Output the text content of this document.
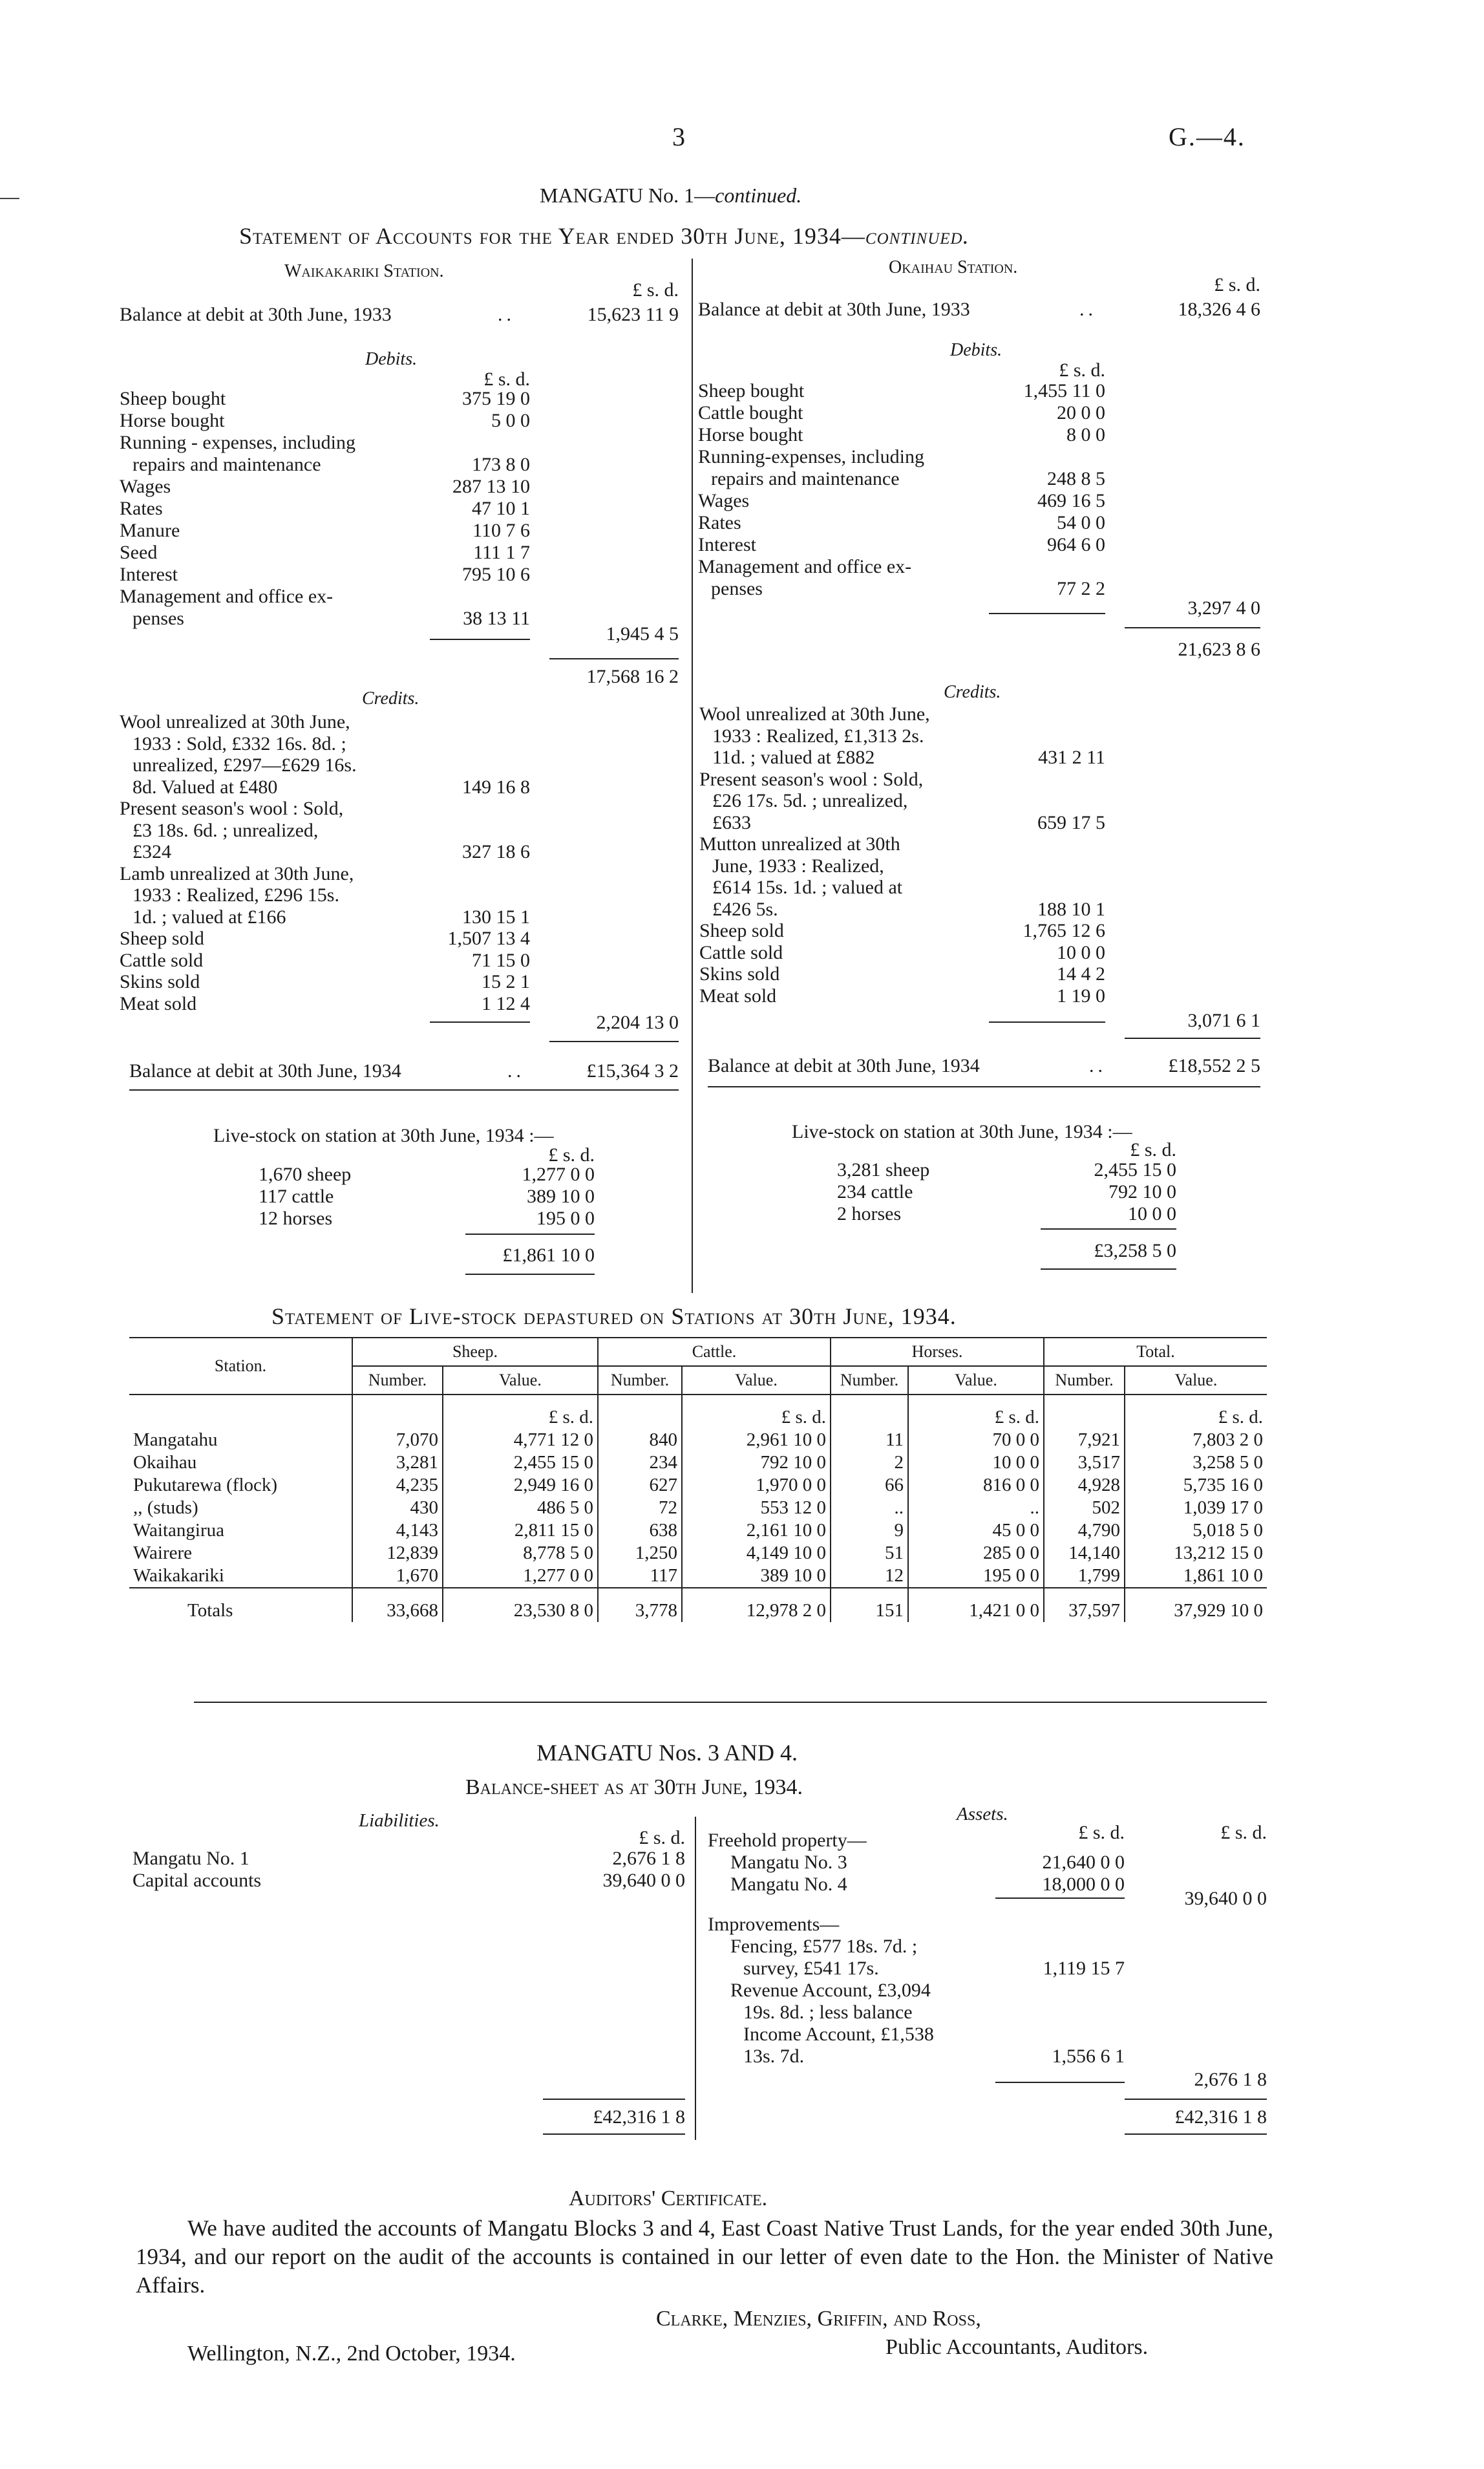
3	G.—4.
MANGATU No. 1—continued.
Statement of Accounts for the Year ended 30th June, 1934—continued.
Waikakariki Station.
£ s. d.
Balance at debit at 30th June, 1933	..	15,623 11 9
Debits.
£ s. d.
Sheep bought	375 19 0
Horse bought	5 0 0
Running - expenses, including
repairs and maintenance	173 8 0
Wages	287 13 10
Rates	47 10 1
Manure	110 7 6
Seed	111 1 7
Interest	795 10 6
Management and office ex-
penses	38 13 11
1,945 4 5
17,568 16 2
Credits.
Wool unrealized at 30th June,
1933 : Sold, £332 16s. 8d. ;
unrealized, £297—£629 16s.
8d. Valued at £480	149 16 8
Present season's wool : Sold,
£3 18s. 6d. ; unrealized,
£324	327 18 6
Lamb unrealized at 30th June,
1933 : Realized, £296 15s.
1d. ; valued at £166	130 15 1
Sheep sold	1,507 13 4
Cattle sold	71 15 0
Skins sold	15 2 1
Meat sold	1 12 4
2,204 13 0
Balance at debit at 30th June, 1934	..	£15,364 3 2
Live-stock on station at 30th June, 1934 :—
£ s. d.
1,670 sheep	1,277 0 0
117 cattle	389 10 0
12 horses	195 0 0
£1,861 10 0
Okaihau Station.
£ s. d.
Balance at debit at 30th June, 1933	..	18,326 4 6
Debits.
£ s. d.
Sheep bought	1,455 11 0
Cattle bought	20 0 0
Horse bought	8 0 0
Running-expenses, including
repairs and maintenance	248 8 5
Wages	469 16 5
Rates	54 0 0
Interest	964 6 0
Management and office ex-
penses	77 2 2
3,297 4 0
21,623 8 6
Credits.
Wool unrealized at 30th June,
1933 : Realized, £1,313 2s.
11d. ; valued at £882	431 2 11
Present season's wool : Sold,
£26 17s. 5d. ; unrealized,
£633	659 17 5
Mutton unrealized at 30th
June, 1933 : Realized,
£614 15s. 1d. ; valued at
£426 5s.	188 10 1
Sheep sold	1,765 12 6
Cattle sold	10 0 0
Skins sold	14 4 2
Meat sold	1 19 0
3,071 6 1
Balance at debit at 30th June, 1934	..	£18,552 2 5
Live-stock on station at 30th June, 1934 :—
£ s. d.
3,281 sheep	2,455 15 0
234 cattle	792 10 0
2 horses	10 0 0
£3,258 5 0
Statement of Live-stock depastured on Stations at 30th June, 1934.
Station.	Sheep.		Cattle.		Horses.		Total.	
	Number.	Value.	Number.	Value.	Number.	Value.	Number.	Value.
		£ s. d.		£ s. d.		£ s. d.		£ s. d.
Mangatahu	7,070	4,771 12 0	840	2,961 10 0	11	70 0 0	7,921	7,803 2 0
Okaihau	3,281	2,455 15 0	234	792 10 0	2	10 0 0	3,517	3,258 5 0
Pukutarewa (flock)	4,235	2,949 16 0	627	1,970 0 0	66	816 0 0	4,928	5,735 16 0
,, (studs)	430	486 5 0	72	553 12 0	..	..	502	1,039 17 0
Waitangirua	4,143	2,811 15 0	638	2,161 10 0	9	45 0 0	4,790	5,018 5 0
Wairere	12,839	8,778 5 0	1,250	4,149 10 0	51	285 0 0	14,140	13,212 15 0
Waikakariki	1,670	1,277 0 0	117	389 10 0	12	195 0 0	1,799	1,861 10 0
Totals	33,668	23,530 8 0	3,778	12,978 2 0	151	1,421 0 0	37,597	37,929 10 0
MANGATU Nos. 3 AND 4.
Balance-sheet as at 30th June, 1934.
Liabilities.
£ s. d.
Mangatu No. 1	2,676 1 8
Capital accounts	39,640 0 0
£42,316 1 8
Assets.
£ s. d.	£ s. d.
Freehold property—
Mangatu No. 3	21,640 0 0
Mangatu No. 4	18,000 0 0
39,640 0 0
Improvements—
Fencing, £577 18s. 7d. ;
survey, £541 17s.	1,119 15 7
Revenue Account, £3,094
19s. 8d. ; less balance
Income Account, £1,538
13s. 7d.	1,556 6 1
2,676 1 8
£42,316 1 8
Auditors' Certificate.
We have audited the accounts of Mangatu Blocks 3 and 4, East Coast Native Trust Lands, for the year ended 30th June, 1934, and our report on the audit of the accounts is contained in our letter of even date to the Hon. the Minister of Native Affairs.
Clarke, Menzies, Griffin, and Ross,
Public Accountants, Auditors.
Wellington, N.Z., 2nd October, 1934.
